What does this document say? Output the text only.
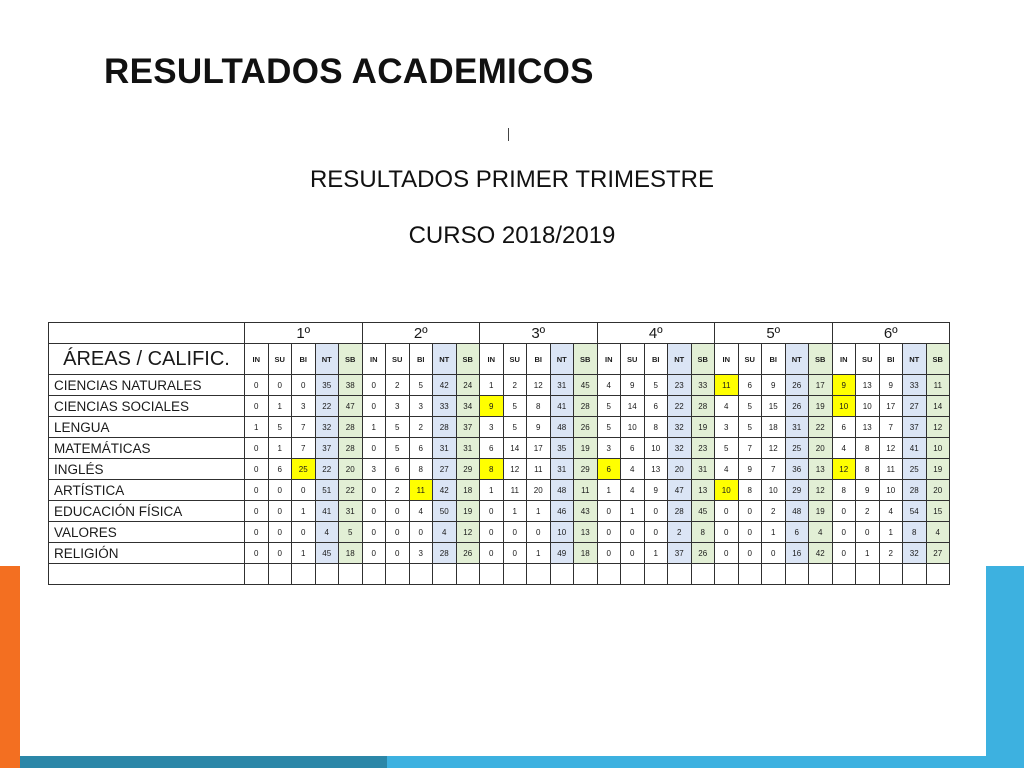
RESULTADOS ACADEMICOS
RESULTADOS PRIMER TRIMESTRE
CURSO 2018/2019
	1º					2º					3º					4º					5º					6º				
ÁREAS / CALIFIC.	IN	SU	BI	NT	SB	IN	SU	BI	NT	SB	IN	SU	BI	NT	SB	IN	SU	BI	NT	SB	IN	SU	BI	NT	SB	IN	SU	BI	NT	SB
CIENCIAS NATURALES	0	0	0	35	38	0	2	5	42	24	1	2	12	31	45	4	9	5	23	33	11	6	9	26	17	9	13	9	33	11
CIENCIAS SOCIALES	0	1	3	22	47	0	3	3	33	34	9	5	8	41	28	5	14	6	22	28	4	5	15	26	19	10	10	17	27	14
LENGUA	1	5	7	32	28	1	5	2	28	37	3	5	9	48	26	5	10	8	32	19	3	5	18	31	22	6	13	7	37	12
MATEMÁTICAS	0	1	7	37	28	0	5	6	31	31	6	14	17	35	19	3	6	10	32	23	5	7	12	25	20	4	8	12	41	10
INGLÉS	0	6	25	22	20	3	6	8	27	29	8	12	11	31	29	6	4	13	20	31	4	9	7	36	13	12	8	11	25	19
ARTÍSTICA	0	0	0	51	22	0	2	11	42	18	1	11	20	48	11	1	4	9	47	13	10	8	10	29	12	8	9	10	28	20
EDUCACIÓN FÍSICA	0	0	1	41	31	0	0	4	50	19	0	1	1	46	43	0	1	0	28	45	0	0	2	48	19	0	2	4	54	15
VALORES	0	0	0	4	5	0	0	0	4	12	0	0	0	10	13	0	0	0	2	8	0	0	1	6	4	0	0	1	8	4
RELIGIÓN	0	0	1	45	18	0	0	3	28	26	0	0	1	49	18	0	0	1	37	26	0	0	0	16	42	0	1	2	32	27
